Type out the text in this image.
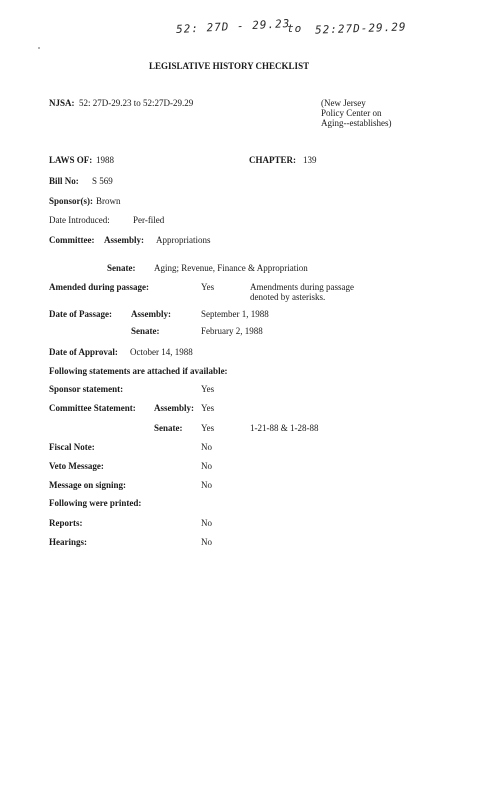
52: 27D - 29.23
to 52:27D-29.29
LEGISLATIVE HISTORY CHECKLIST
NJSA: 52: 27D-29.23 to 52:27D-29.29	(New Jersey
Policy Center on
Aging--establishes)
LAWS OF: 1988	CHAPTER: 139
Bill No: S 569
Sponsor(s): Brown
Date Introduced:	Per-filed
Committee: Assembly: Appropriations
Senate: Aging; Revenue, Finance & Appropriation
Amended during passage:	Yes	Amendments during passage
denoted by asterisks.
Date of Passage: Assembly:	September 1, 1988
Senate:	February 2, 1988
Date of Approval: October 14, 1988
Following statements are attached if available:
Sponsor statement:	Yes
Committee Statement: Assembly: Yes
Senate: Yes	1-21-88 & 1-28-88
Fiscal Note:	No
Veto Message:	No
Message on signing:	No
Following were printed:
Reports:	No
Hearings:	No
